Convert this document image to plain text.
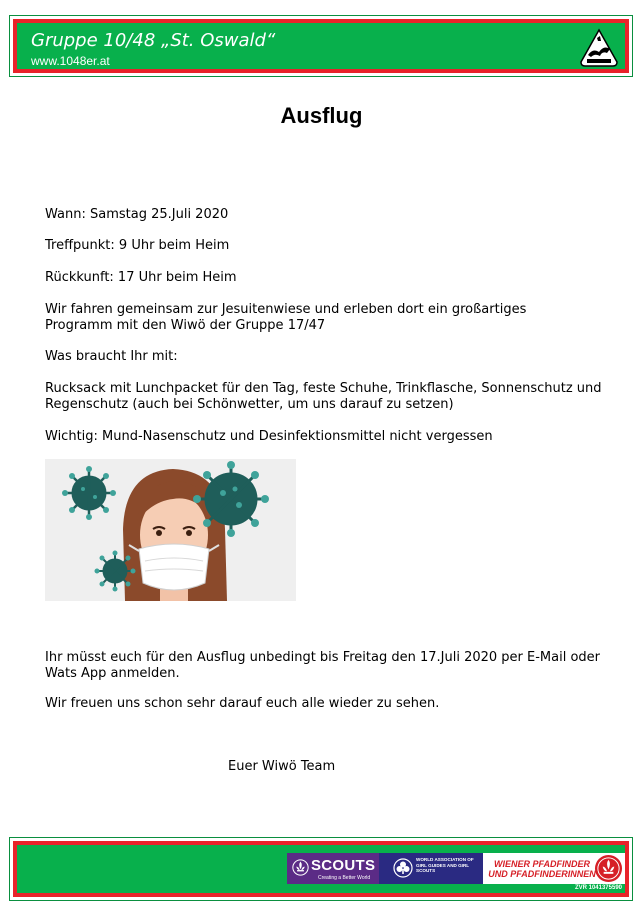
Gruppe 10/48 „St. Oswald“
www.1048er.at
Ausflug
Wann: Samstag 25.Juli 2020
Treffpunkt: 9 Uhr beim Heim
Rückkunft: 17 Uhr beim Heim
Wir fahren gemeinsam zur Jesuitenwiese und erleben dort ein großartiges Programm mit den Wiwö der Gruppe 17/47
Was braucht Ihr mit:
Rucksack mit Lunchpacket für den Tag, feste Schuhe, Trinkflasche, Sonnenschutz und Regenschutz (auch bei Schönwetter, um uns darauf zu setzen)
Wichtig: Mund-Nasenschutz und Desinfektionsmittel nicht vergessen
Ihr müsst euch für den Ausflug unbedingt bis Freitag den 17.Juli 2020 per E-Mail oder Wats App anmelden.
Wir freuen uns schon sehr darauf euch alle wieder zu sehen.
Euer Wiwö Team
SCOUTS
Creating a Better World
WORLD ASSOCIATION OF GIRL GUIDES AND GIRL SCOUTS
WIENER PFADFINDER
UND PFADFINDERINNEN
ZVR 1041375590
